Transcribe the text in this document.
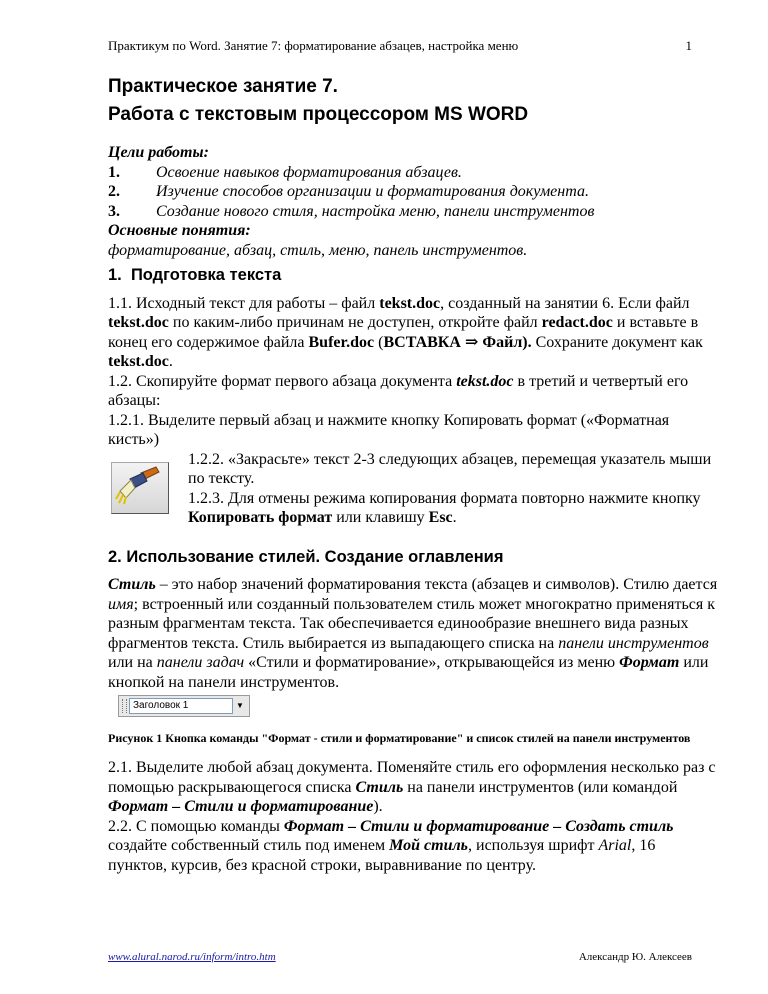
Практикум по Word. Занятие 7: форматирование абзацев, настройка меню	1
Практическое занятие 7.
Работа с текстовым процессором MS WORD
Цели работы:
1. Освоение навыков форматирования абзацев.
2. Изучение способов организации и форматирования документа.
3. Создание нового стиля, настройка меню, панели инструментов
Основные понятия:
форматирование, абзац, стиль, меню, панель инструментов.
1. Подготовка текста

1.1. Исходный текст для работы – файл tekst.doc, созданный на занятии 6. Если файл tekst.doc по каким-либо причинам не доступен, откройте файл redact.doc и вставьте в конец его содержимое файла Bufer.doc (ВСТАВКА ⇒ Файл). Сохраните документ как tekst.doc.

1.2. Скопируйте формат первого абзаца документа tekst.doc в третий и четвертый его абзацы:

1.2.1. Выделите первый абзац и нажмите кнопку Копировать формат («Форматная кисть»)

1.2.2. «Закрасьте» текст 2-3 следующих абзацев, перемещая указатель мыши по тексту.

1.2.3. Для отмены режима копирования формата повторно нажмите кнопку Копировать формат или клавишу Esc.

2. Использование стилей. Создание оглавления

Стиль – это набор значений форматирования текста (абзацев и символов). Стилю дается имя; встроенный или созданный пользователем стиль может многократно применяться к разным фрагментам текста. Так обеспечивается единообразие внешнего вида разных фрагментов текста. Стиль выбирается из выпадающего списка на панели инструментов или на панели задач «Стили и форматирование», открывающейся из меню Формат или кнопкой на панели инструментов.

Заголовок 1	▼
Рисунок 1 Кнопка команды "Формат - стили и форматирование" и список стилей на панели инструментов

2.1. Выделите любой абзац документа. Поменяйте стиль его оформления несколько раз с помощью раскрывающегося списка Стиль на панели инструментов (или командой Формат – Стили и форматирование).

2.2. С помощью команды Формат – Стили и форматирование – Создать стиль создайте собственный стиль под именем Мой стиль, используя шрифт Arial, 16 пунктов, курсив, без красной строки, выравнивание по центру.

www.alural.narod.ru/inform/intro.htm	Александр Ю. Алексеев
